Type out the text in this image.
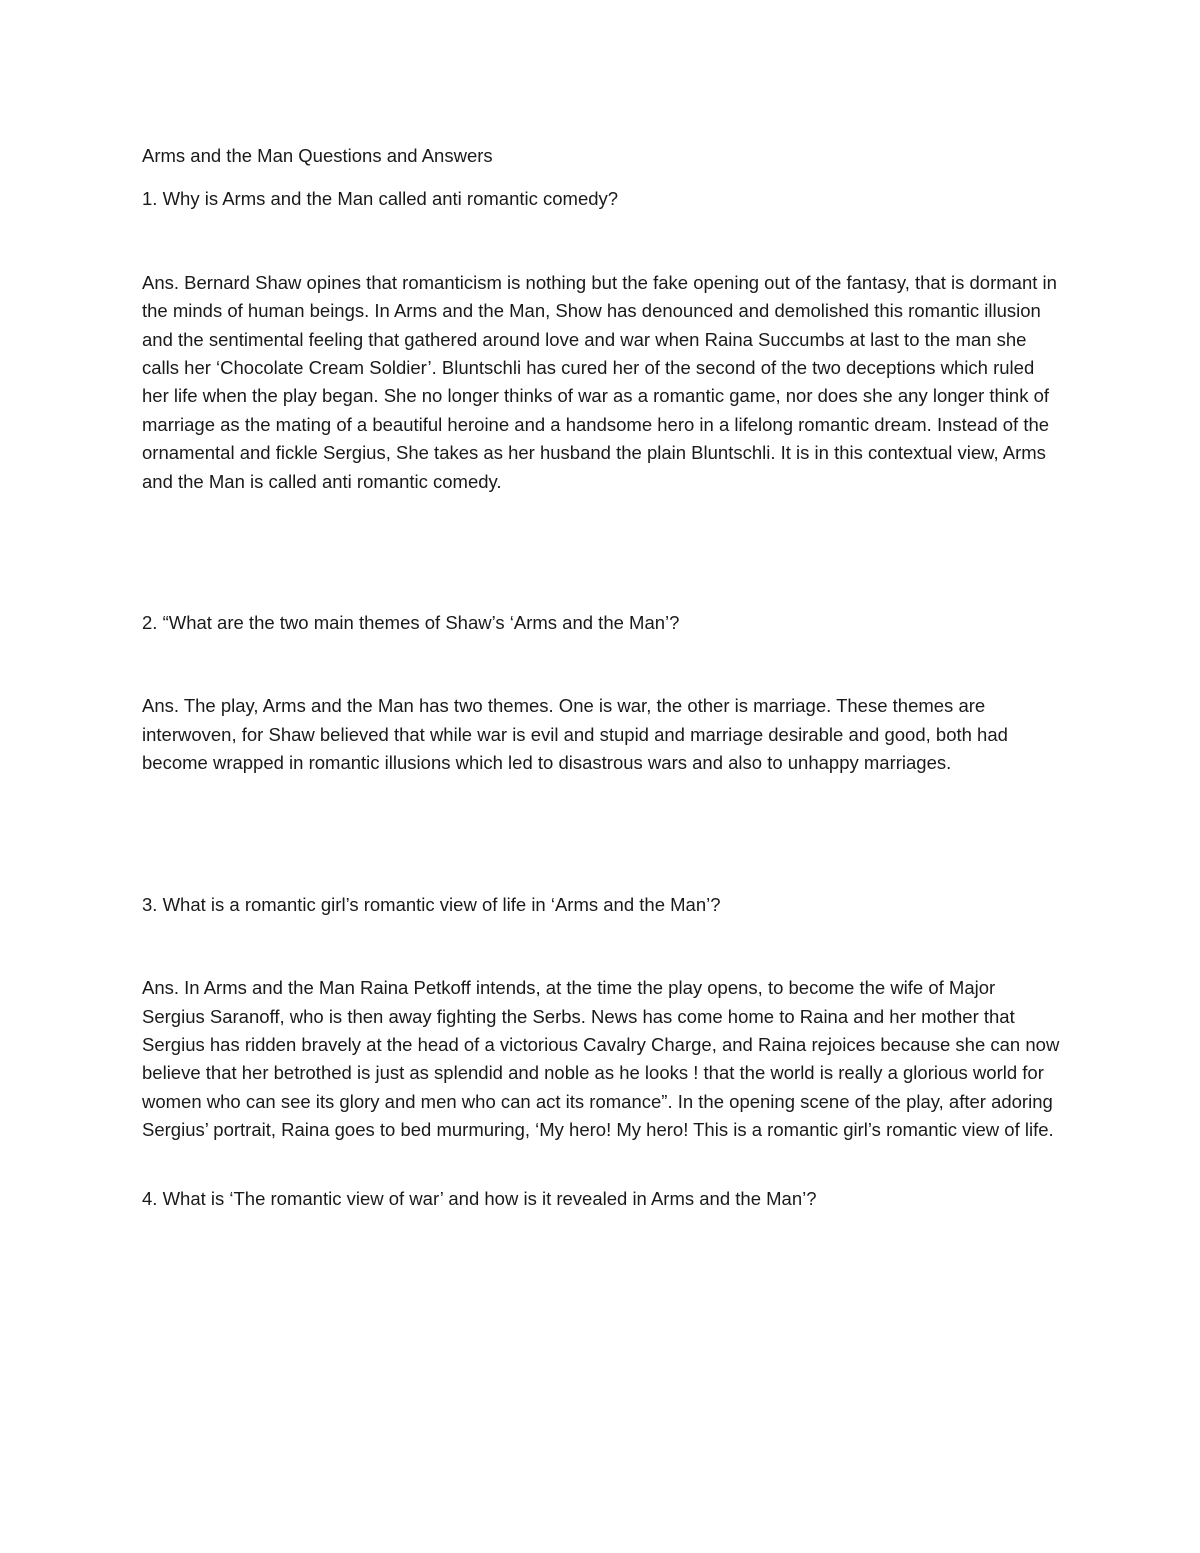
Arms and the Man Questions and Answers

1. Why is Arms and the Man called anti romantic comedy?

Ans. Bernard Shaw opines that romanticism is nothing but the fake opening out of the fantasy, that is dormant in the minds of human beings. In Arms and the Man, Show has denounced and demolished this romantic illusion and the sentimental feeling that gathered around love and war when Raina Succumbs at last to the man she calls her ‘Chocolate Cream Soldier’. Bluntschli has cured her of the second of the two deceptions which ruled her life when the play began. She no longer thinks of war as a romantic game, nor does she any longer think of marriage as the mating of a beautiful heroine and a handsome hero in a lifelong romantic dream. Instead of the ornamental and fickle Sergius, She takes as her husband the plain Bluntschli. It is in this contextual view, Arms and the Man is called anti romantic comedy.

2. “What are the two main themes of Shaw’s ‘Arms and the Man’?

Ans. The play, Arms and the Man has two themes. One is war, the other is marriage. These themes are interwoven, for Shaw believed that while war is evil and stupid and marriage desirable and good, both had become wrapped in romantic illusions which led to disastrous wars and also to unhappy marriages.

3. What is a romantic girl’s romantic view of life in ‘Arms and the Man’?

Ans. In Arms and the Man Raina Petkoff intends, at the time the play opens, to become the wife of Major Sergius Saranoff, who is then away fighting the Serbs. News has come home to Raina and her mother that Sergius has ridden bravely at the head of a victorious Cavalry Charge, and Raina rejoices because she can now believe that her betrothed is just as splendid and noble as he looks ! that the world is really a glorious world for women who can see its glory and men who can act its romance”. In the opening scene of the play, after adoring Sergius’ portrait, Raina goes to bed murmuring, ‘My hero! My hero! This is a romantic girl’s romantic view of life.

4. What is ‘The romantic view of war’ and how is it revealed in Arms and the Man’?
